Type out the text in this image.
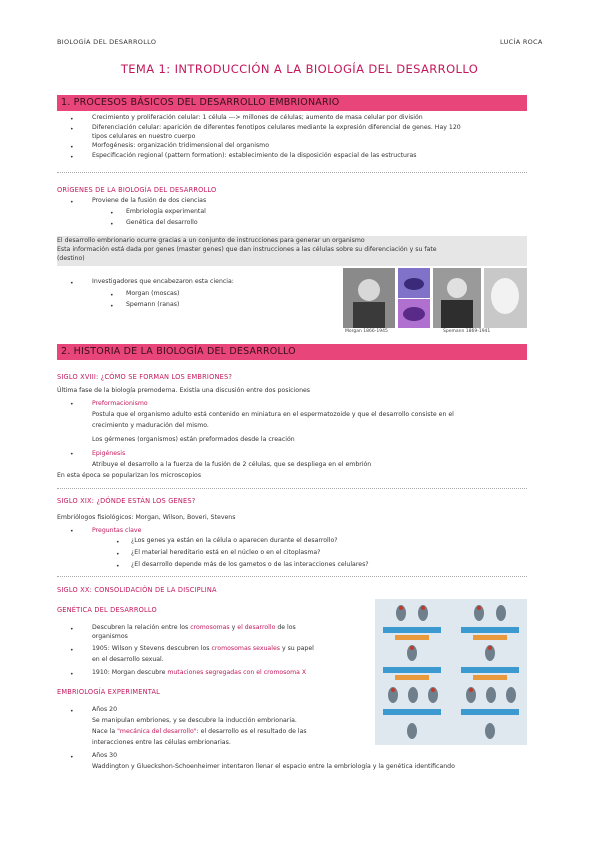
BIOLOGÍA DEL DESARROLLO	LUCÍA ROCA
TEMA 1: INTRODUCCIÓN A LA BIOLOGÍA DEL DESARROLLO
1. PROCESOS BÁSICOS DEL DESARROLLO EMBRIONARIO
•	Crecimiento y proliferación celular: 1 célula ---> millones de células; aumento de masa celular por división
•	Diferenciación celular: aparición de diferentes fenotipos celulares mediante la expresión diferencial de genes. Hay 120
tipos celulares en nuestro cuerpo
•	Morfogénesis: organización tridimensional del organismo
•	Especificación regional (pattern formation): establecimiento de la disposición espacial de las estructuras
ORÍGENES DE LA BIOLOGÍA DEL DESARROLLO
•	Proviene de la fusión de dos ciencias
• Embriología experimental
• Genética del desarrollo
El desarrollo embrionario ocurre gracias a un conjunto de instrucciones para generar un organismo
Esta información está dada por genes (master genes) que dan instrucciones a las células sobre su diferenciación y su fate
(destino)
•	Investigadores que encabezaron esta ciencia:
• Morgan (moscas)
• Spemann (ranas)
Morgan 1866-1945	Spemann 1869-1941
2. HISTORIA DE LA BIOLOGÍA DEL DESARROLLO
SIGLO XVIII: ¿CÓMO SE FORMAN LOS EMBRIONES?
Última fase de la biología premoderna. Existía una discusión entre dos posiciones
•	Preformacionismo
Postula que el organismo adulto está contenido en miniatura en el espermatozoide y que el desarrollo consiste en el
crecimiento y maduración del mismo.
Los gérmenes (organismos) están preformados desde la creación
•	Epigénesis
Atribuye el desarrollo a la fuerza de la fusión de 2 células, que se despliega en el embrión
En esta época se popularizan los microscopios
SIGLO XIX: ¿DÓNDE ESTÁN LOS GENES?
Embriólogos fisiológicos: Morgan, Wilson, Boveri, Stevens
•	Preguntas clave
• ¿Los genes ya están en la célula o aparecen durante el desarrollo?
• ¿El material hereditario está en el núcleo o en el citoplasma?
• ¿El desarrollo depende más de los gametos o de las interacciones celulares?
SIGLO XX: CONSOLIDACIÓN DE LA DISCIPLINA
GENÉTICA DEL DESARROLLO
•	Descubren la relación entre los cromosomas y el desarrollo de los
organismos
•	1905: Wilson y Stevens descubren los cromosomas sexuales y su papel
en el desarrollo sexual.
•	1910: Morgan descubre mutaciones segregadas con el cromosoma X
EMBRIOLOGÍA EXPERIMENTAL
•	Años 20
Se manipulan embriones, y se descubre la inducción embrionaria.
Nace la "mecánica del desarrollo": el desarrollo es el resultado de las
interacciones entre las células embrionarias.
•	Años 30
Waddington y Glueckshon-Schoenheimer intentaron llenar el espacio entre la embriología y la genética identificando
